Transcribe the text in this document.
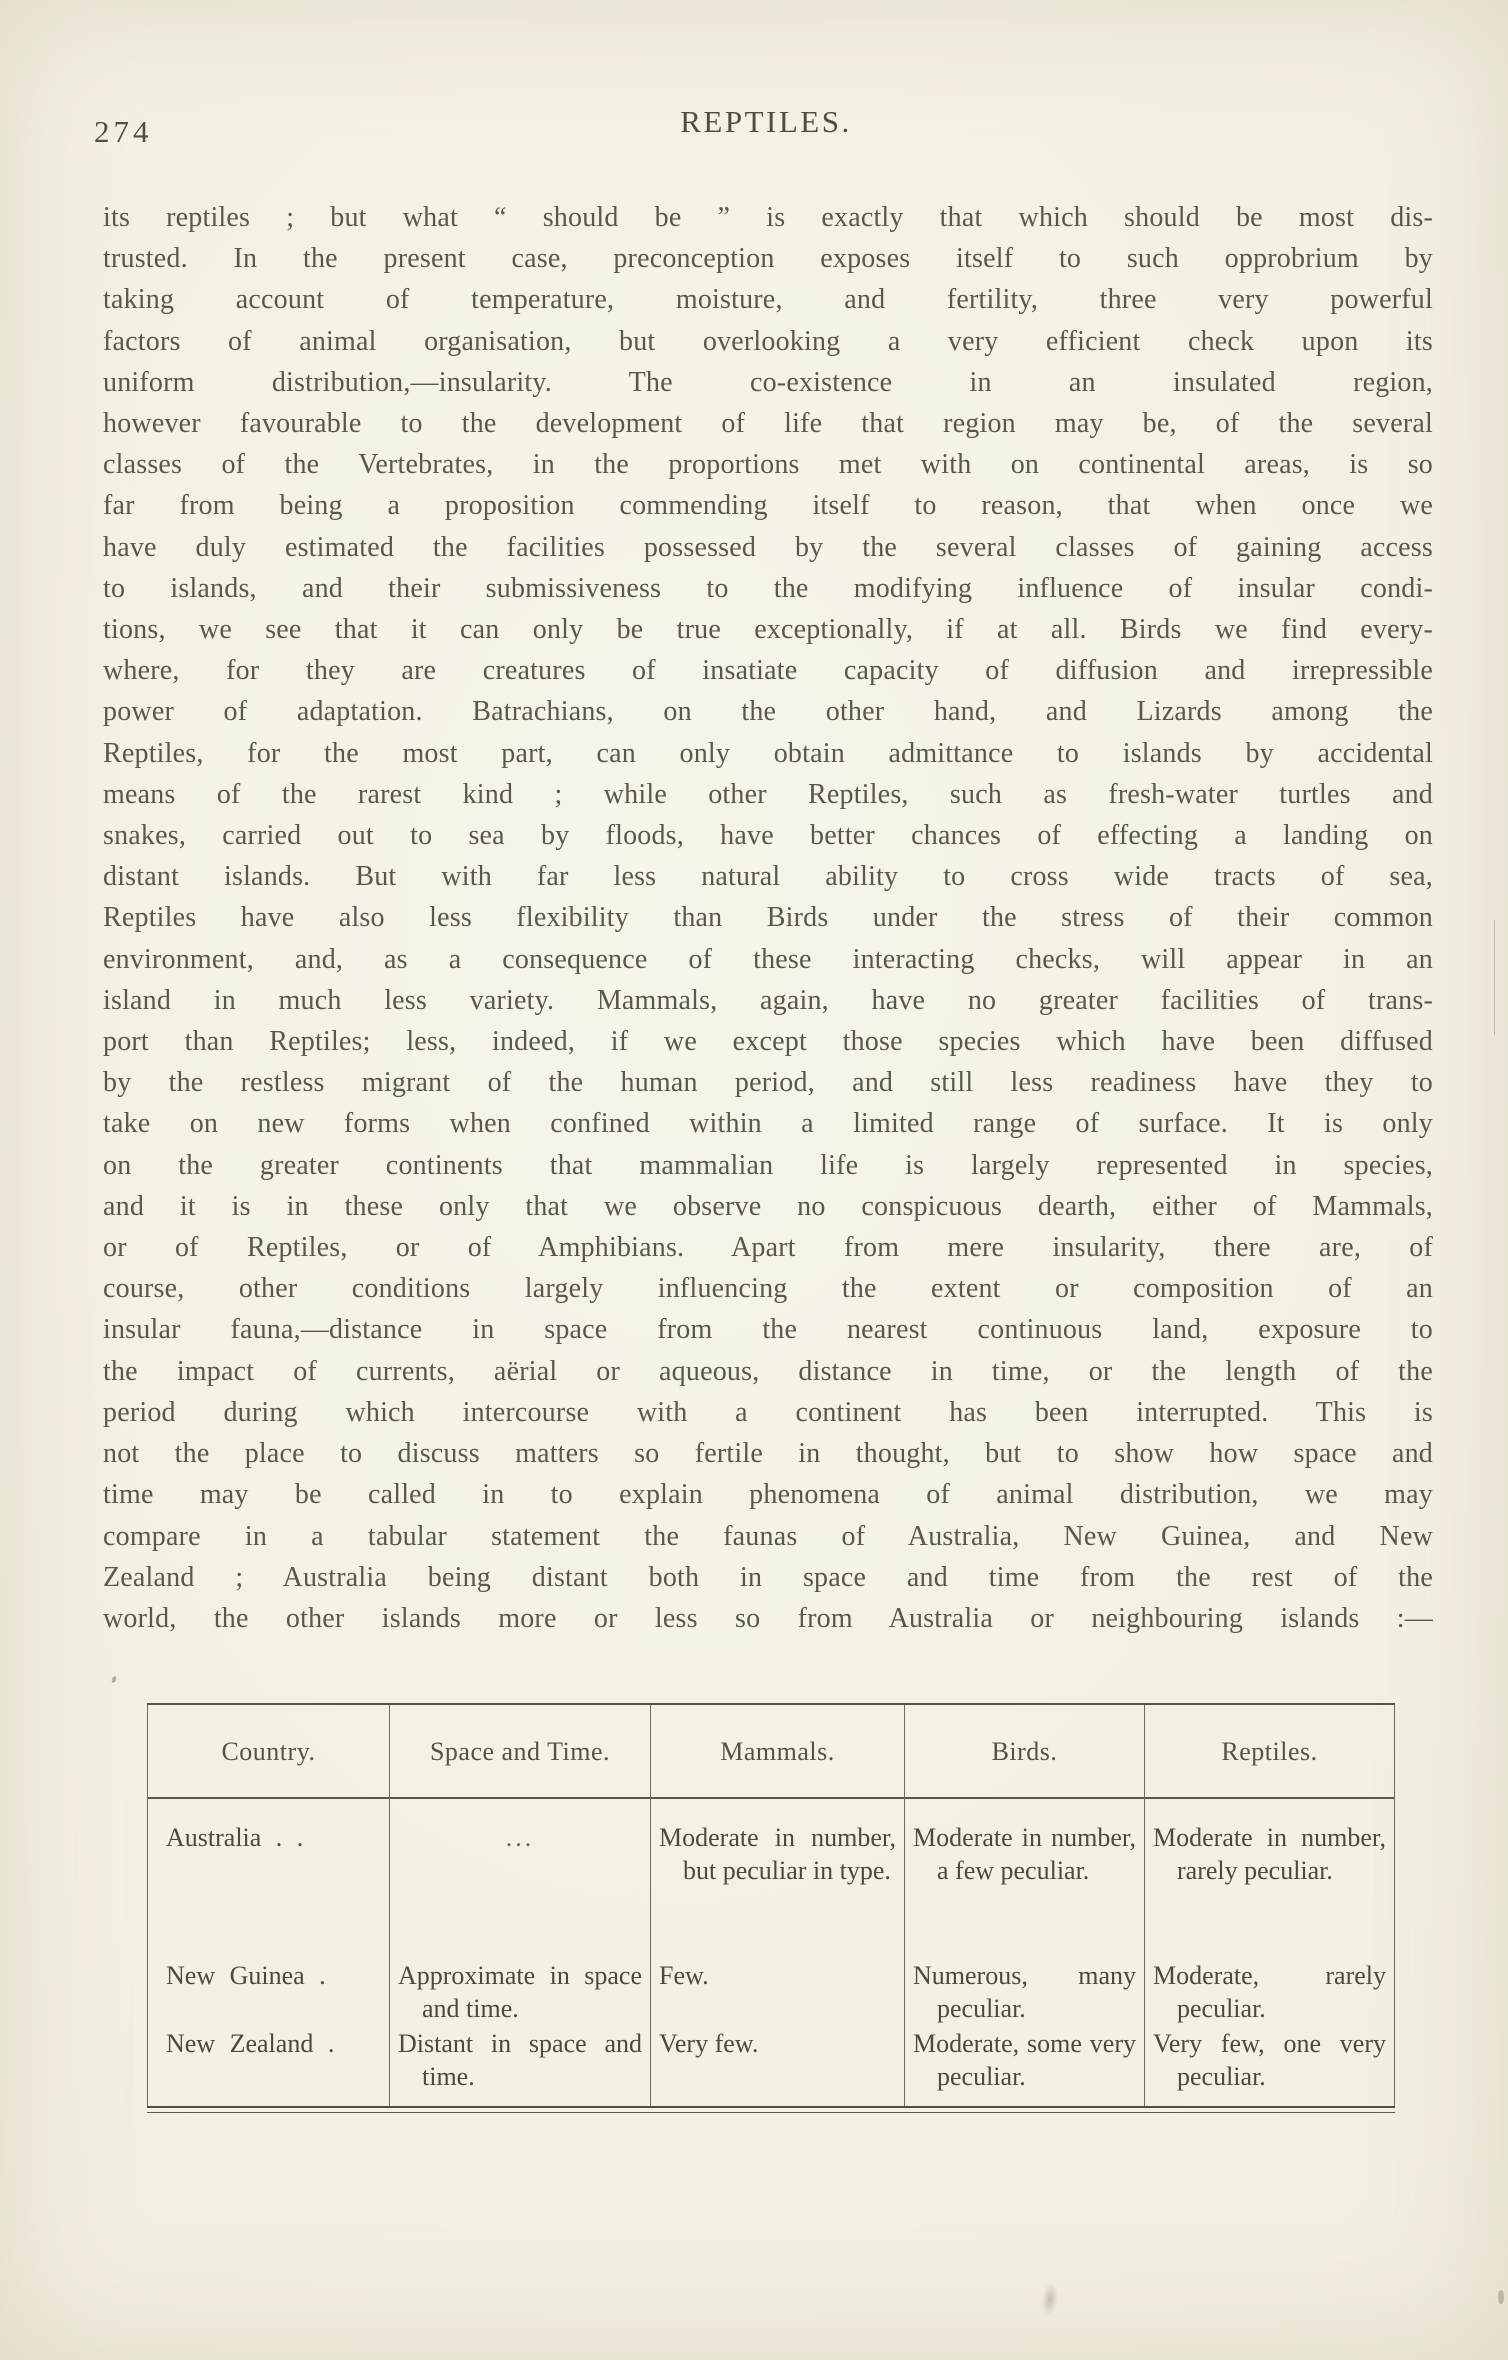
274	REPTILES.
its reptiles ; but what “ should be ” is exactly that which should be most dis-
trusted. In the present case, preconception exposes itself to such opprobrium by
taking account of temperature, moisture, and fertility, three very powerful
factors of animal organisation, but overlooking a very efficient check upon its
uniform distribution,—insularity. The co-existence in an insulated region,
however favourable to the development of life that region may be, of the several
classes of the Vertebrates, in the proportions met with on continental areas, is so
far from being a proposition commending itself to reason, that when once we
have duly estimated the facilities possessed by the several classes of gaining access
to islands, and their submissiveness to the modifying influence of insular condi-
tions, we see that it can only be true exceptionally, if at all. Birds we find every-
where, for they are creatures of insatiate capacity of diffusion and irrepressible
power of adaptation. Batrachians, on the other hand, and Lizards among the
Reptiles, for the most part, can only obtain admittance to islands by accidental
means of the rarest kind ; while other Reptiles, such as fresh-water turtles and
snakes, carried out to sea by floods, have better chances of effecting a landing on
distant islands. But with far less natural ability to cross wide tracts of sea,
Reptiles have also less flexibility than Birds under the stress of their common
environment, and, as a consequence of these interacting checks, will appear in an
island in much less variety. Mammals, again, have no greater facilities of trans-
port than Reptiles; less, indeed, if we except those species which have been diffused
by the restless migrant of the human period, and still less readiness have they to
take on new forms when confined within a limited range of surface. It is only
on the greater continents that mammalian life is largely represented in species,
and it is in these only that we observe no conspicuous dearth, either of Mammals,
or of Reptiles, or of Amphibians. Apart from mere insularity, there are, of
course, other conditions largely influencing the extent or composition of an
insular fauna,—distance in space from the nearest continuous land, exposure to
the impact of currents, aërial or aqueous, distance in time, or the length of the
period during which intercourse with a continent has been interrupted. This is
not the place to discuss matters so fertile in thought, but to show how space and
time may be called in to explain phenomena of animal distribution, we may
compare in a tabular statement the faunas of Australia, New Guinea, and New
Zealand ; Australia being distant both in space and time from the rest of the
world, the other islands more or less so from Australia or neighbouring islands :—
Country.
Australia . .
New Guinea .
New Zealand .
Space and Time.
...
Approximate in space and time.
Distant in space and time.
Mammals.
Moderate in number, but peculiar in type.
Few.
Very few.
Birds.
Moderate in number, a few peculiar.
Numerous, many peculiar.
Moderate, some very peculiar.
Reptiles.
Moderate in number, rarely peculiar.
Moderate, rarely peculiar.
Very few, one very peculiar.
